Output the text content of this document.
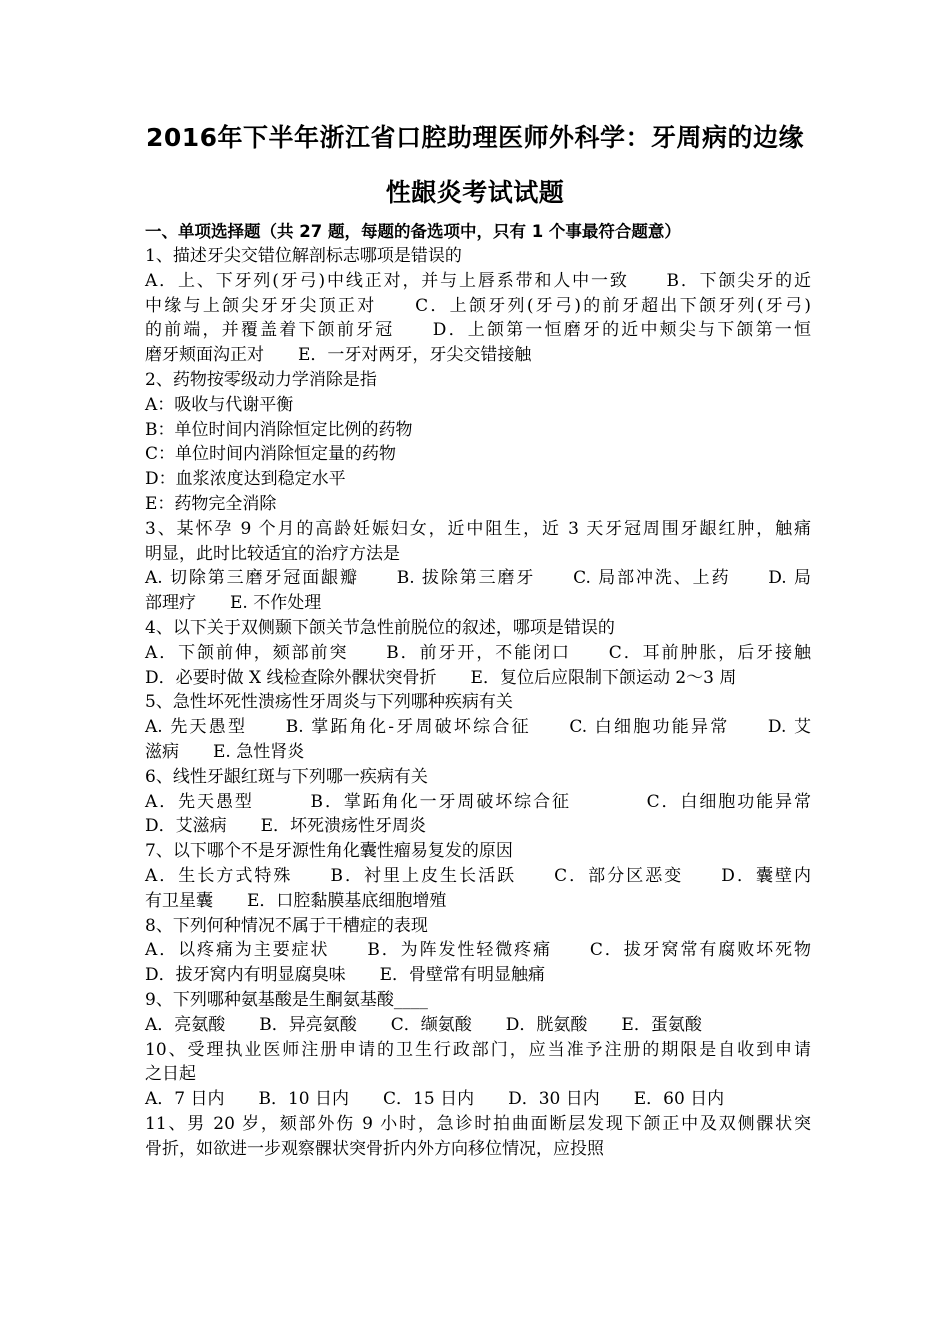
2016年下半年浙江省口腔助理医师外科学：牙周病的边缘
性龈炎考试试题
一、单项选择题（共 27 题，每题的备选项中，只有 1 个事最符合题意）
1、描述牙尖交错位解剖标志哪项是错误的
A．上、下牙列(牙弓)中线正对，并与上唇系带和人中一致　　B．下颌尖牙的近
中缘与上颌尖牙牙尖顶正对　　C．上颌牙列(牙弓)的前牙超出下颌牙列(牙弓)
的前端，并覆盖着下颌前牙冠　　D．上颌第一恒磨牙的近中颊尖与下颌第一恒
磨牙颊面沟正对　　E．一牙对两牙，牙尖交错接触
2、药物按零级动力学消除是指
A：吸收与代谢平衡
B：单位时间内消除恒定比例的药物
C：单位时间内消除恒定量的药物
D：血浆浓度达到稳定水平
E：药物完全消除
3、某怀孕 9 个月的高龄妊娠妇女，近中阻生，近 3 天牙冠周围牙龈红肿，触痛
明显，此时比较适宜的治疗方法是
A. 切除第三磨牙冠面龈瓣　　B. 拔除第三磨牙　　C. 局部冲洗、上药　　D. 局
部理疗　　E. 不作处理
4、以下关于双侧颞下颌关节急性前脱位的叙述，哪项是错误的
A．下颌前伸，颏部前突　　B．前牙开，不能闭口　　C．耳前肿胀，后牙接触
D．必要时做 X 线检查除外髁状突骨折　　E．复位后应限制下颌运动 2～3 周
5、急性坏死性溃疡性牙周炎与下列哪种疾病有关
A. 先天愚型　　B. 掌跖角化-牙周破坏综合征　　C. 白细胞功能异常　　D. 艾
滋病　　E. 急性肾炎
6、线性牙龈红斑与下列哪一疾病有关
A．先天愚型　　　B．掌跖角化一牙周破坏综合征　　　　C．白细胞功能异常
D．艾滋病　　E．坏死溃疡性牙周炎
7、以下哪个不是牙源性角化囊性瘤易复发的原因
A．生长方式特殊　　B．衬里上皮生长活跃　　C．部分区恶变　　D．囊壁内
有卫星囊　　E．口腔黏膜基底细胞增殖
8、下列何种情况不属于干槽症的表现
A．以疼痛为主要症状　　B．为阵发性轻微疼痛　　C．拔牙窝常有腐败坏死物
D．拔牙窝内有明显腐臭味　　E．骨壁常有明显触痛
9、下列哪种氨基酸是生酮氨基酸____
A．亮氨酸　　B．异亮氨酸　　C．缬氨酸　　D．胱氨酸　　E．蛋氨酸
10、受理执业医师注册申请的卫生行政部门，应当准予注册的期限是自收到申请
之日起
A．7 日内　　B．10 日内　　C．15 日内　　D．30 日内　　E．60 日内
11、男 20 岁，颏部外伤 9 小时，急诊时拍曲面断层发现下颌正中及双侧髁状突
骨折，如欲进一步观察髁状突骨折内外方向移位情况，应投照
